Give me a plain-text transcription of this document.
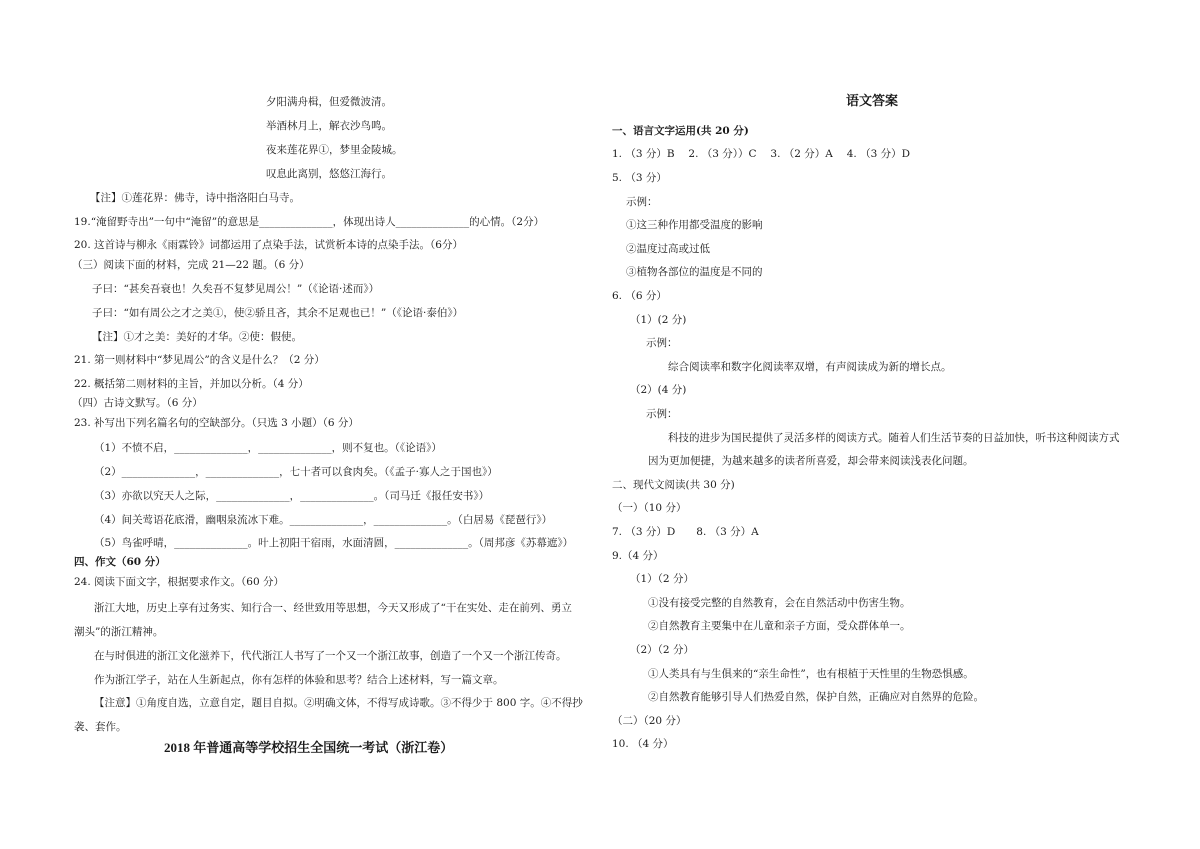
夕阳满舟楫，但爱微波清。
举酒林月上，解衣沙鸟鸣。
夜来莲花界①，梦里金陵城。
叹息此离别，悠悠江海行。
【注】①莲花界：佛寺，诗中指洛阳白马寺。
19.“淹留野寺出”一句中“淹留”的意思是______________，体现出诗人______________的心情。（2分）
20. 这首诗与柳永《雨霖铃》词都运用了点染手法，试赏析本诗的点染手法。（6分）
（三）阅读下面的材料，完成 21—22 题。（6 分）
子曰：“甚矣吾衰也！久矣吾不复梦见周公！”（《论语·述而》）
子曰：“如有周公之才之美①，使②骄且吝，其余不足观也已！”（《论语·泰伯》）
【注】①才之美：美好的才华。②使：假使。
21. 第一则材料中“梦见周公”的含义是什么？（2 分）
22. 概括第二则材料的主旨，并加以分析。（4 分）
（四）古诗文默写。（6 分）
23. 补写出下列名篇名句的空缺部分。（只选 3 小题）（6 分）
（1）不愤不启，______________，______________，则不复也。（《论语》）
（2）______________，______________，七十者可以食肉矣。（《孟子·寡人之于国也》）
（3）亦欲以究天人之际，______________，______________。（司马迁《报任安书》）
（4）间关莺语花底滑，幽咽泉流冰下难。______________，______________。（白居易《琵琶行》）
（5）鸟雀呼晴，______________。叶上初阳干宿雨，水面清圆，______________。（周邦彦《苏幕遮》）
四、作文（60 分）
24. 阅读下面文字，根据要求作文。（60 分）
浙江大地，历史上享有过务实、知行合一、经世致用等思想，今天又形成了“干在实处、走在前列、勇立
潮头”的浙江精神。
在与时俱进的浙江文化滋养下，代代浙江人书写了一个又一个浙江故事，创造了一个又一个浙江传奇。
作为浙江学子，站在人生新起点，你有怎样的体验和思考？结合上述材料，写一篇文章。
【注意】①角度自选，立意自定，题目自拟。②明确文体，不得写成诗歌。③不得少于 800 字。④不得抄
袭、套作。
2018 年普通高等学校招生全国统一考试（浙江卷）
语文答案
一、语言文字运用(共 20 分)
1. （3 分）B　 2. （3 分））C　 3. （2 分）A　 4. （3 分）D
5. （3 分）
示例：
①这三种作用都受温度的影响
②温度过高或过低
③植物各部位的温度是不同的
6. （6 分）
（1）(2 分)
示例：
综合阅读率和数字化阅读率双增，有声阅读成为新的增长点。
（2）(4 分)
示例：
科技的进步为国民提供了灵活多样的阅读方式。随着人们生活节奏的日益加快，听书这种阅读方式
因为更加便捷，为越来越多的读者所喜爱，却会带来阅读浅表化问题。
二、现代文阅读(共 30 分)
（一）（10 分）
7. （3 分）D　　8. （3 分）A
9.（4 分）
（1）（2 分）
①没有接受完整的自然教育，会在自然活动中伤害生物。
②自然教育主要集中在儿童和亲子方面，受众群体单一。
（2）（2 分）
①人类具有与生俱来的“亲生命性”，也有根植于天性里的生物恐惧感。
②自然教育能够引导人们热爱自然，保护自然，正确应对自然界的危险。
（二）（20 分）
10. （4 分）
